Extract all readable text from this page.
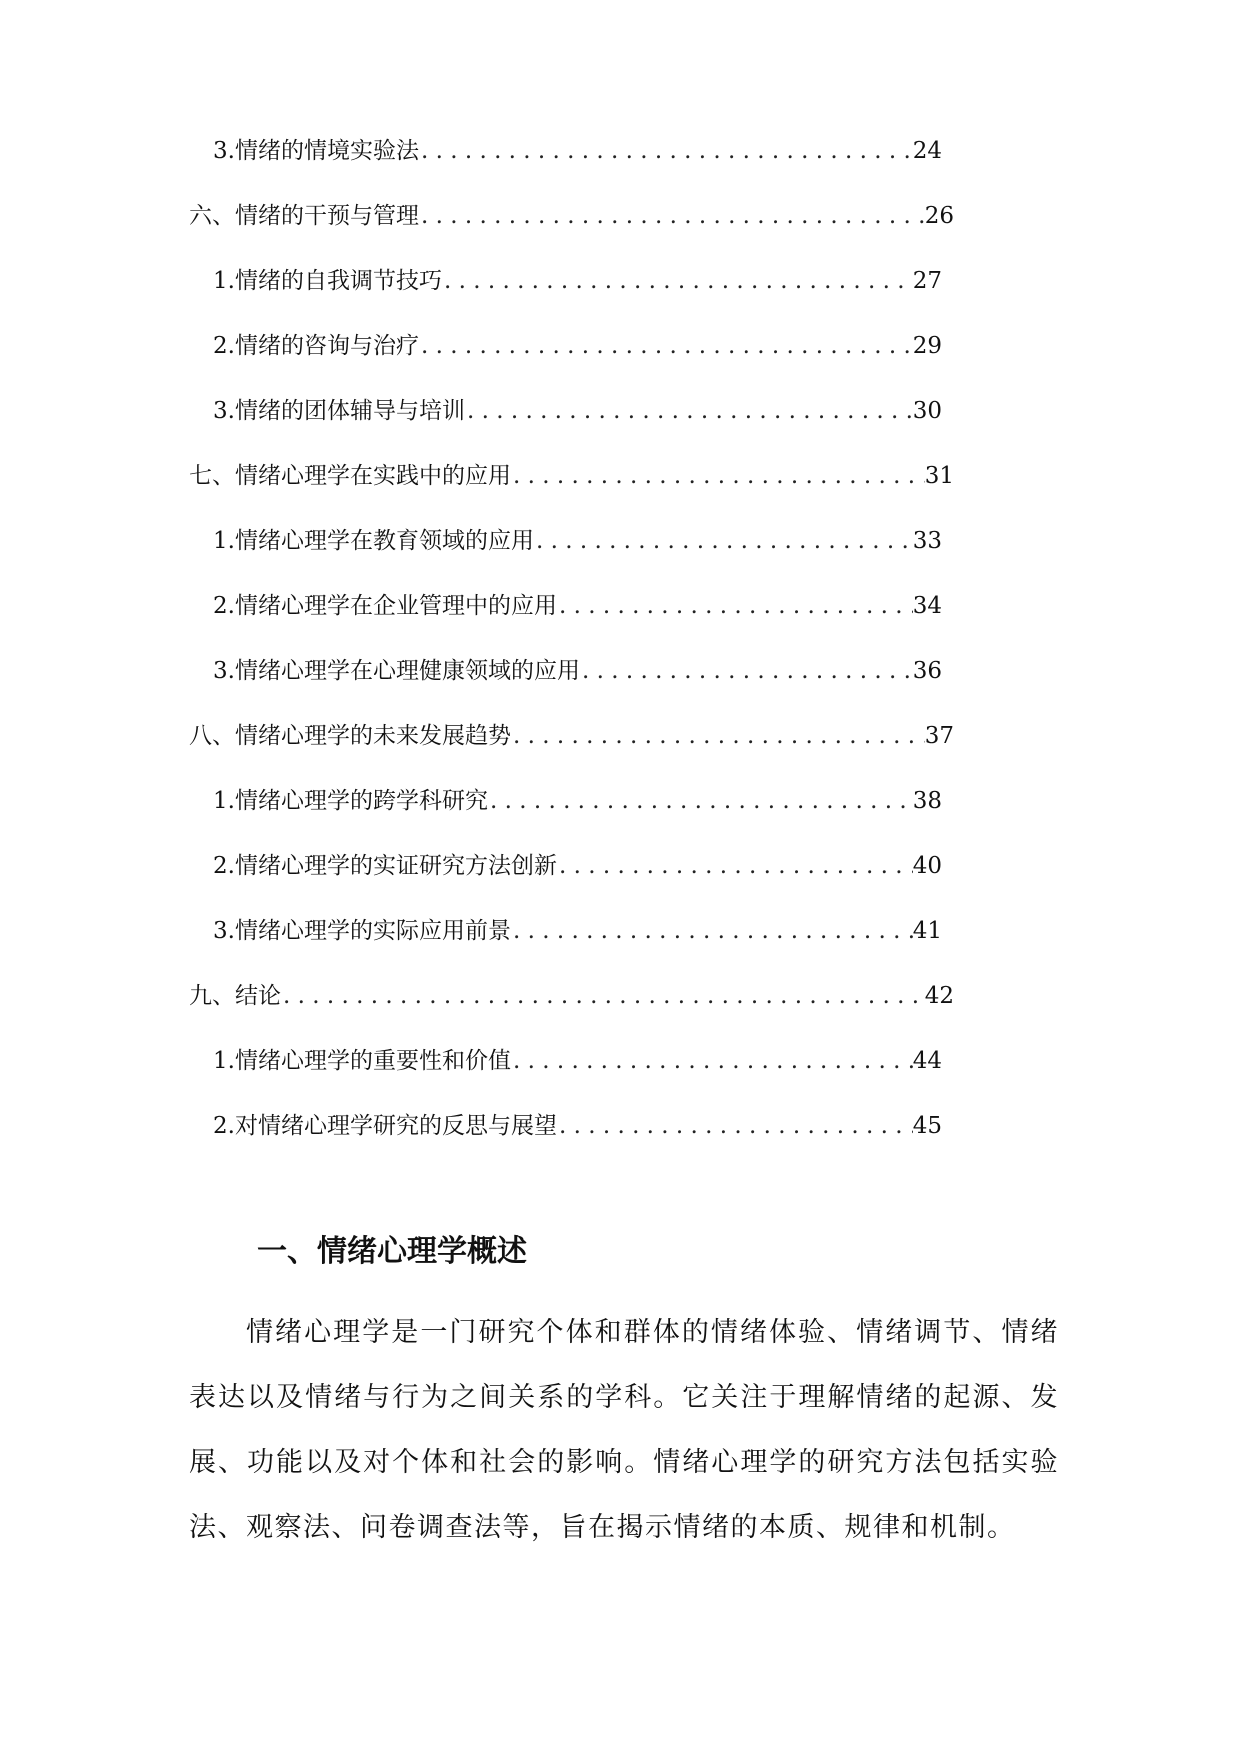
3. 情绪的情境实验法 . . .	24
六、情绪的干预与管理 . . .	26
1. 情绪的自我调节技巧 . . .	27
2. 情绪的咨询与治疗 . . .	29
3. 情绪的团体辅导与培训 . . .	30
七、情绪心理学在实践中的应用 . . .	31
1. 情绪心理学在教育领域的应用 . . .	33
2. 情绪心理学在企业管理中的应用 . . .	34
3. 情绪心理学在心理健康领域的应用 . . .	36
八、情绪心理学的未来发展趋势 . . .	37
1. 情绪心理学的跨学科研究 . . .	38
2. 情绪心理学的实证研究方法创新 . . .	40
3. 情绪心理学的实际应用前景 . . .	41
九、结论 . . .	42
1. 情绪心理学的重要性和价值 . . .	44
2. 对情绪心理学研究的反思与展望 . . .	45
一、情绪心理学概述

情绪心理学是一门研究个体和群体的情绪体验、情绪调节、情绪表达以及情绪与行为之间关系的学科。它关注于理解情绪的起源、发展、功能以及对个体和社会的影响。情绪心理学的研究方法包括实验法、观察法、问卷调查法等，旨在揭示情绪的本质、规律和机制。
